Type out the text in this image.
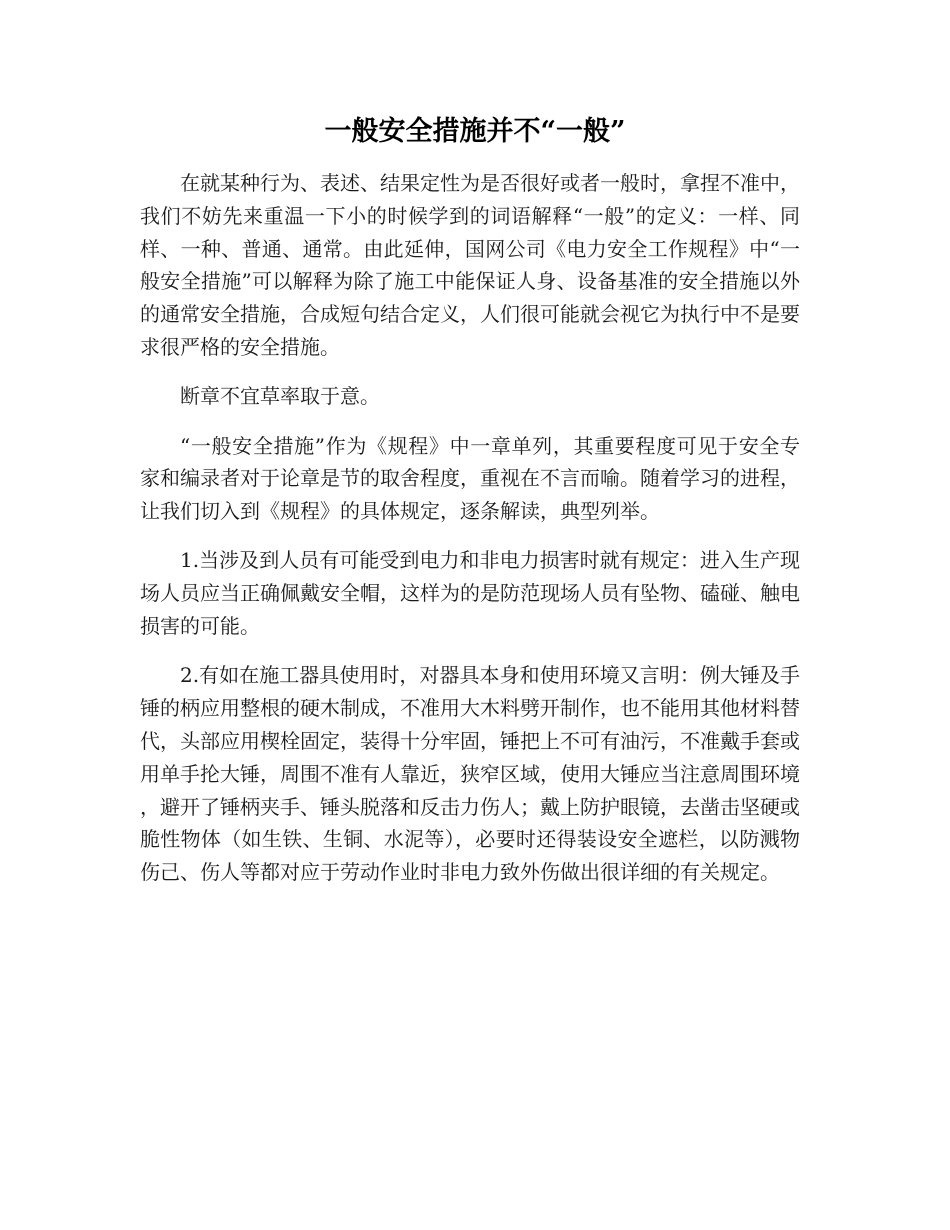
一般安全措施并不“一般”

在就某种行为、表述、结果定性为是否很好或者一般时，拿捏不准中，我们不妨先来重温一下小的时候学到的词语解释“一般”的定义：一样、同样、一种、普通、通常。由此延伸，国网公司《电力安全工作规程》中“一般安全措施”可以解释为除了施工中能保证人身、设备基准的安全措施以外的通常安全措施，合成短句结合定义，人们很可能就会视它为执行中不是要求很严格的安全措施。

断章不宜草率取于意。

“一般安全措施”作为《规程》中一章单列，其重要程度可见于安全专家和编录者对于论章是节的取舍程度，重视在不言而喻。随着学习的进程，让我们切入到《规程》的具体规定，逐条解读，典型列举。

1.当涉及到人员有可能受到电力和非电力损害时就有规定：进入生产现场人员应当正确佩戴安全帽，这样为的是防范现场人员有坠物、磕碰、触电损害的可能。

2.有如在施工器具使用时，对器具本身和使用环境又言明：例大锤及手锤的柄应用整根的硬木制成，不准用大木料劈开制作，也不能用其他材料替代，头部应用楔栓固定，装得十分牢固，锤把上不可有油污，不准戴手套或用单手抡大锤，周围不准有人靠近，狭窄区域，使用大锤应当注意周围环境，避开了锤柄夹手、锤头脱落和反击力伤人；戴上防护眼镜，去凿击坚硬或脆性物体（如生铁、生铜、水泥等），必要时还得装设安全遮栏，以防溅物伤己、伤人等都对应于劳动作业时非电力致外伤做出很详细的有关规定。
